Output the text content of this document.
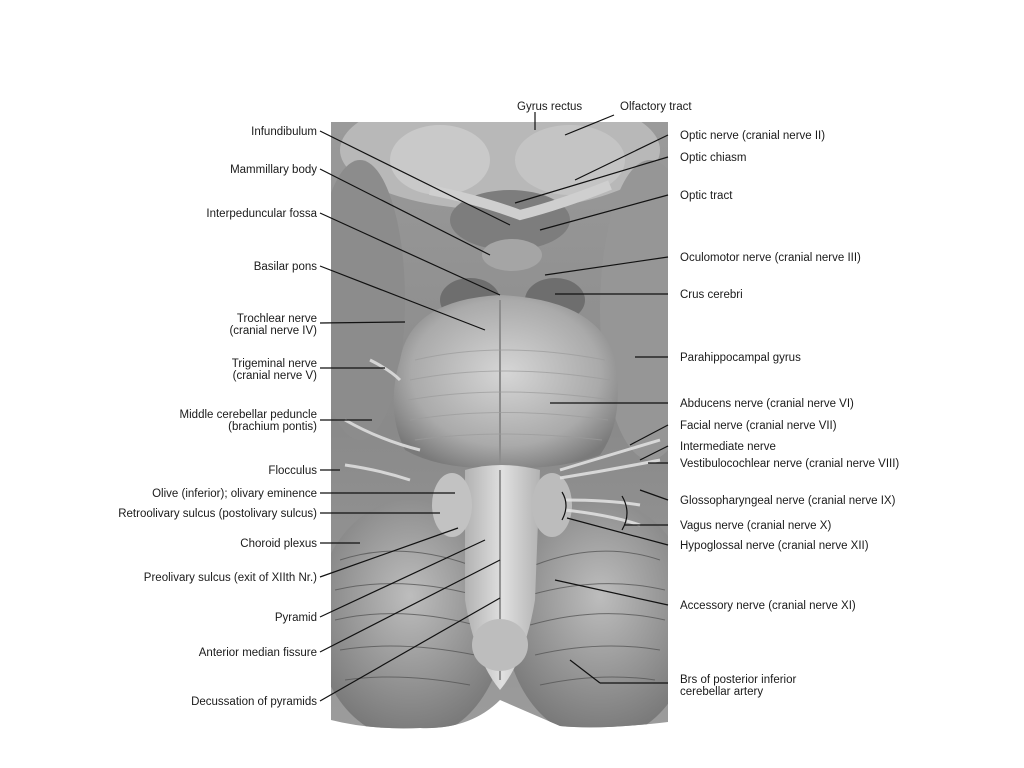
Gyrus rectus	Olfactory tract
Infundibulum	Optic nerve (cranial nerve II)
Optic chiasm
Mammillary body
Optic tract
Interpeduncular fossa
Oculomotor nerve (cranial nerve III)
Basilar pons
Crus cerebri
Trochlear nerve
(cranial nerve IV)
Parahippocampal gyrus
Trigeminal nerve
(cranial nerve V)
Abducens nerve (cranial nerve VI)
Middle cerebellar peduncle
(brachium pontis)	Facial nerve (cranial nerve VII)
Intermediate nerve
Vestibulocochlear nerve (cranial nerve VIII)
Flocculus
Olive (inferior); olivary eminence
Glossopharyngeal nerve (cranial nerve IX)
Retroolivary sulcus (postolivary sulcus)
Vagus nerve (cranial nerve X)
Choroid plexus	Hypoglossal nerve (cranial nerve XII)
Preolivary sulcus (exit of XIIth Nr.)
Accessory nerve (cranial nerve XI)
Pyramid
Anterior median fissure
Brs of posterior inferior
cerebellar artery
Decussation of pyramids
